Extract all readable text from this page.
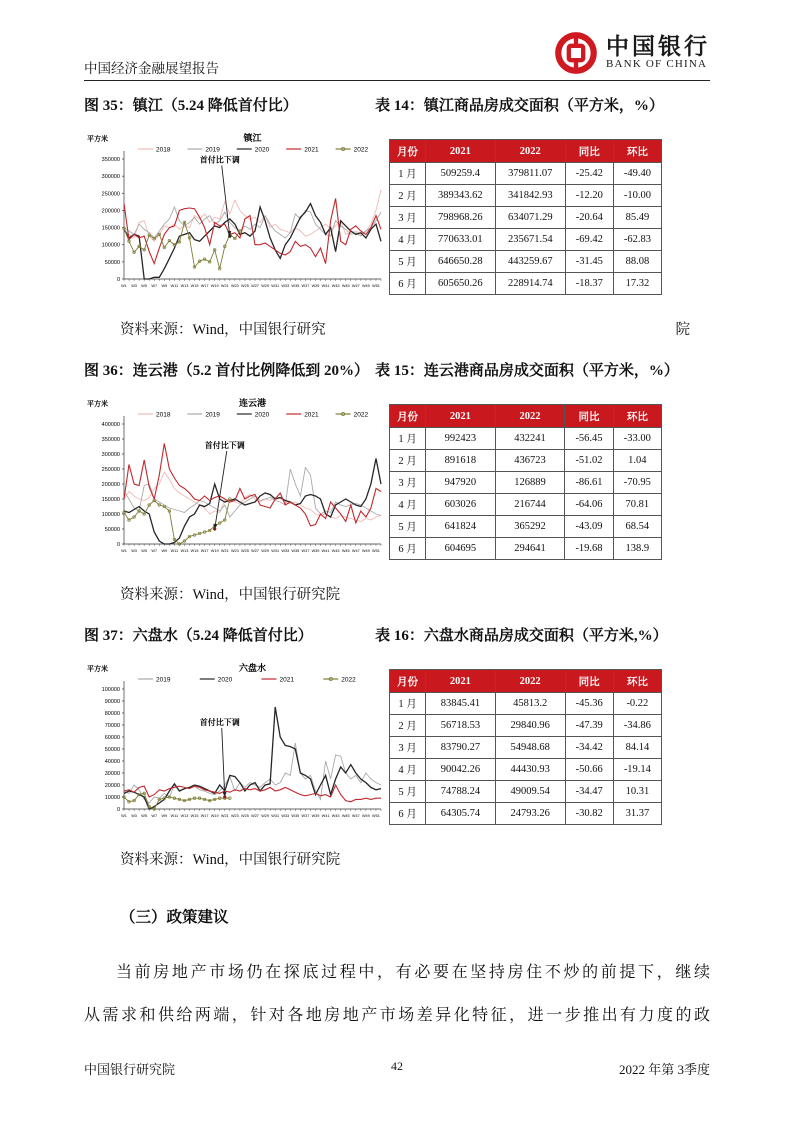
中国经济金融展望报告
中国银行
BANK OF CHINA
图 35：镇江（5.24 降低首付比）	表 14：镇江商品房成交面积（平方米，%）
平方米	镇江
2018	2019	2020	2021	2022
0
50000
100000
150000
200000
250000
300000
350000
W1 W3 W5 W7 W9 W11 W13 W15 W17 W19 W21 W23 W25 W27 W29 W31 W33 W35 W37 W39 W41 W43 W45 W47 W49 W51
首付比下调
月份	2021	2022	同比	环比
1 月	509259.4	379811.07	-25.42	-49.40
2 月	389343.62	341842.93	-12.20	-10.00
3 月	798968.26	634071.29	-20.64	85.49
4 月	770633.01	235671.54	-69.42	-62.83
5 月	646650.28	443259.67	-31.45	88.08
6 月	605650.26	228914.74	-18.37	17.32
资料来源：Wind，中国银行研究	院
图 36：连云港（5.2 首付比例降低到 20%） 表 15：连云港商品房成交面积（平方米，%）
平方米	连云港
2018	2019	2020	2021	2022
0
50000
100000
150000
200000
250000
300000
350000
400000
W1 W3 W5 W7 W9 W11 W13 W15 W17 W19 W21 W23 W25 W27 W29 W31 W33 W35 W37 W39 W41 W43 W45 W47 W49 W51
首付比下调
月份	2021	2022	同比	环比
1 月	992423	432241	-56.45	-33.00
2 月	891618	436723	-51.02	1.04
3 月	947920	126889	-86.61	-70.95
4 月	603026	216744	-64.06	70.81
5 月	641824	365292	-43.09	68.54
6 月	604695	294641	-19.68	138.9
资料来源：Wind，中国银行研究院
图 37：六盘水（5.24 降低首付比）	表 16：六盘水商品房成交面积（平方米,%）
平方米	六盘水
2019	2020	2021	2022
0
10000
20000
30000
40000
50000
60000
70000
80000
90000
100000
W1 W3 W5 W7 W9 W11 W13 W15 W17 W19 W21 W23 W25 W27 W29 W31 W33 W35 W37 W39 W41 W43 W45 W47 W49 W51
首付比下调
月份	2021	2022	同比	环比
1 月	83845.41	45813.2	-45.36	-0.22
2 月	56718.53	29840.96	-47.39	-34.86
3 月	83790.27	54948.68	-34.42	84.14
4 月	90042.26	44430.93	-50.66	-19.14
5 月	74788.24	49009.54	-34.47	10.31
6 月	64305.74	24793.26	-30.82	31.37
资料来源：Wind，中国银行研究院
（三）政策建议
当前房地产市场仍在探底过程中，有必要在坚持房住不炒的前提下，继续
从需求和供给两端，针对各地房地产市场差异化特征，进一步推出有力度的政
中国银行研究院	42	2022 年第 3季度
